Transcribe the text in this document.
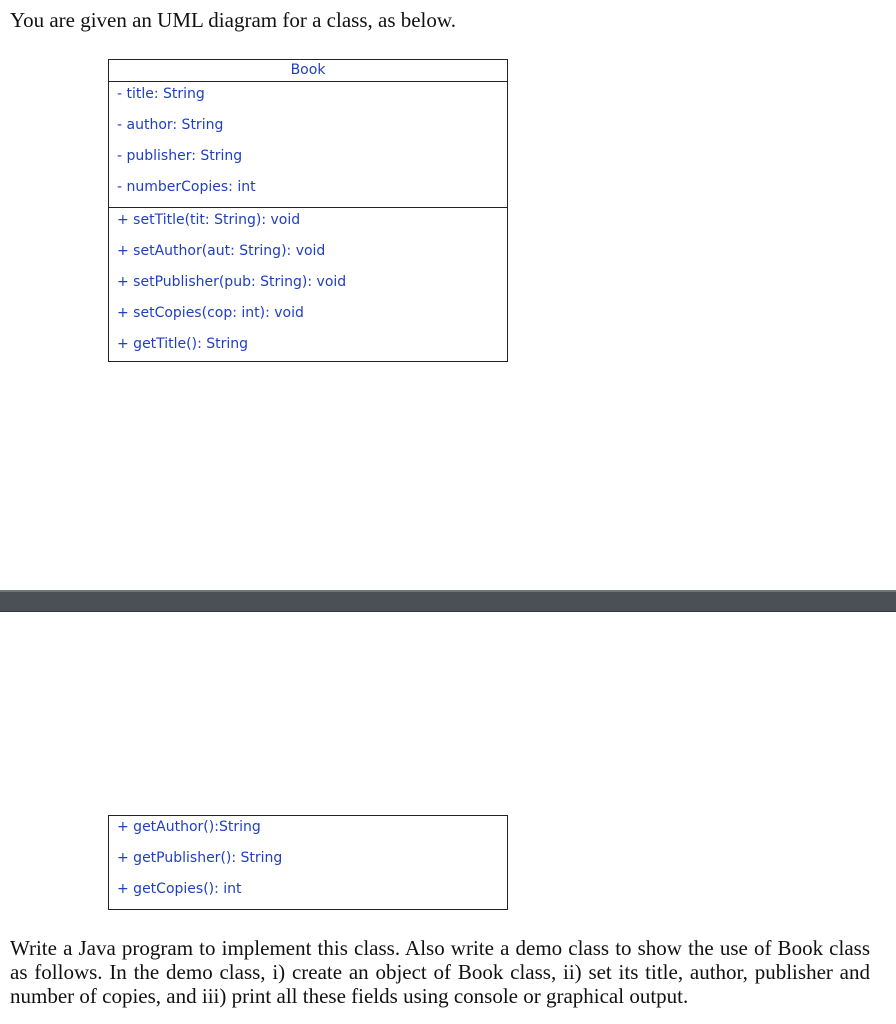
You are given an UML diagram for a class, as below.
Book
- title: String
- author: String
- publisher: String
- numberCopies: int
+ setTitle(tit: String): void
+ setAuthor(aut: String): void
+ setPublisher(pub: String): void
+ setCopies(cop: int): void
+ getTitle(): String
+ getAuthor():String
+ getPublisher(): String
+ getCopies(): int
Write a Java program to implement this class. Also write a demo class to show the use of Book class as follows. In the demo class, i) create an object of Book class, ii) set its title, author, publisher and number of copies, and iii) print all these fields using console or graphical output.
